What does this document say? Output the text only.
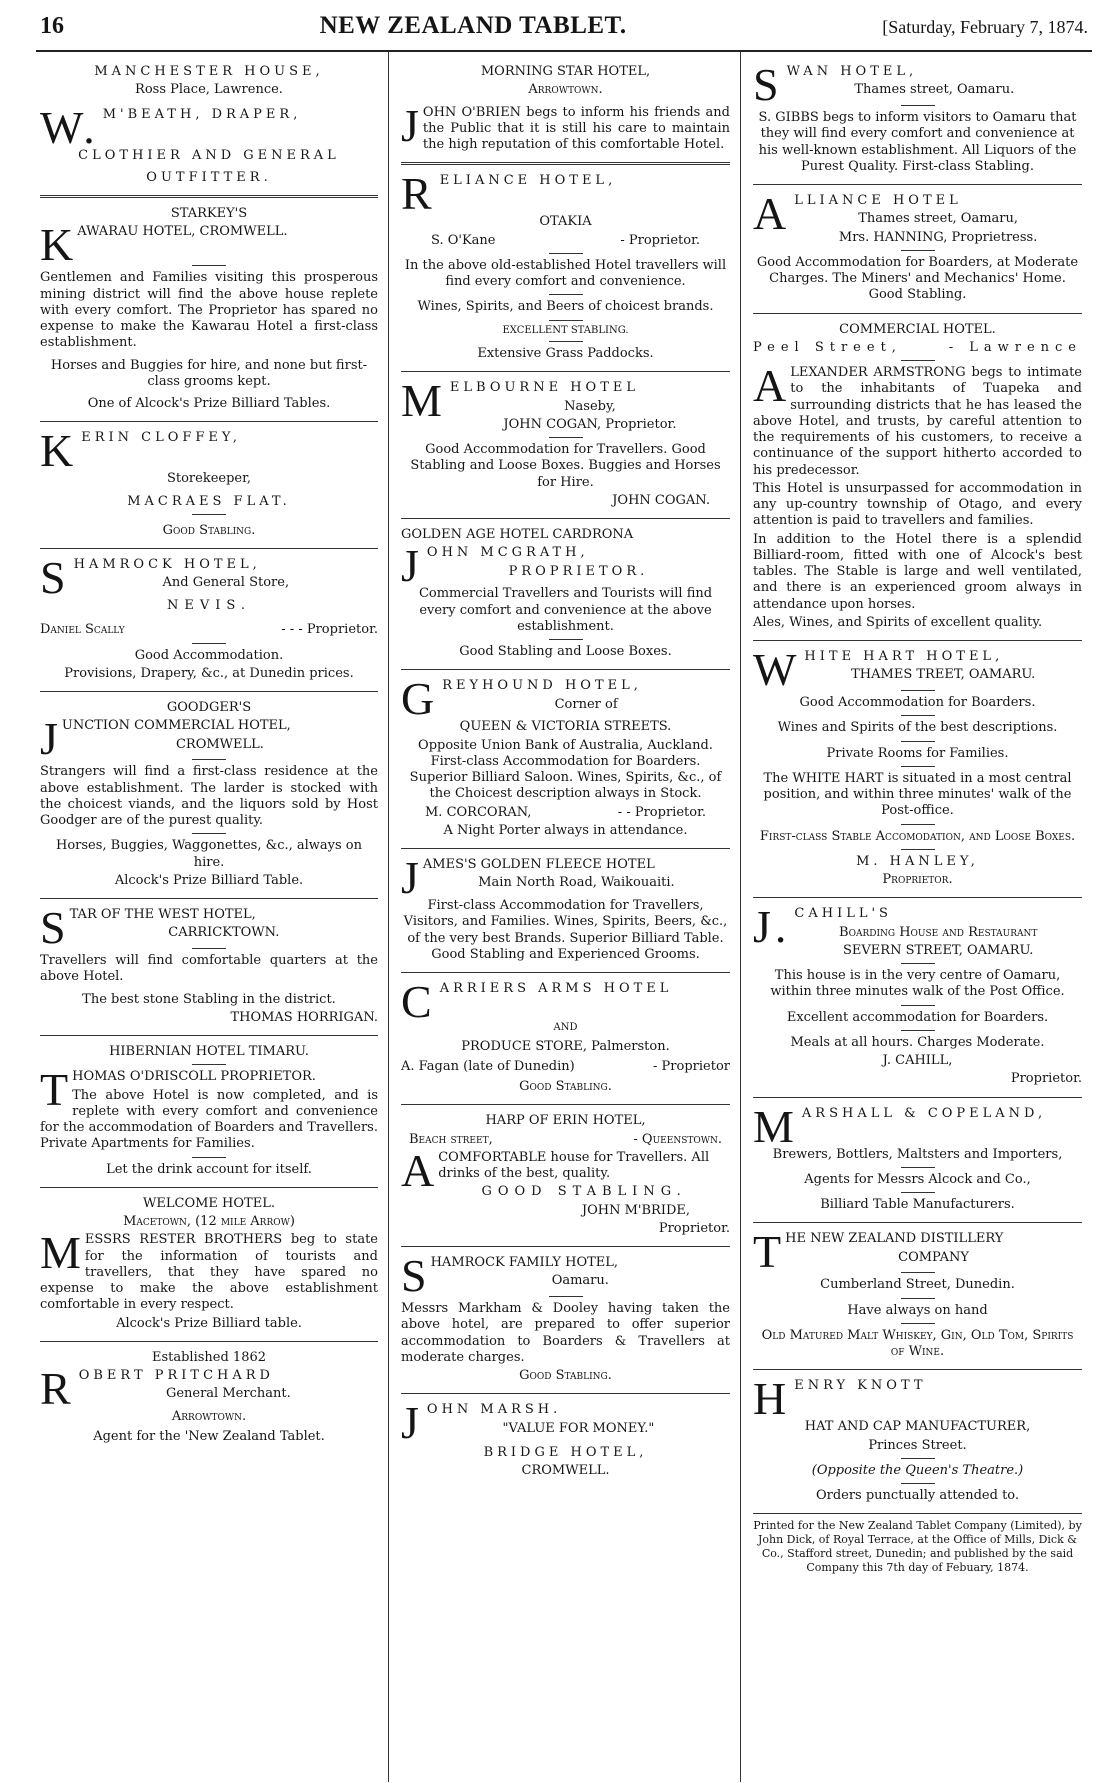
16	NEW ZEALAND TABLET.	[Saturday, February 7, 1874.

MANCHESTER HOUSE,

Ross Place, Lawrence.

W. M'BEATH, DRAPER,

CLOTHIER AND GENERAL

OUTFITTER.

STARKEY'S

KAWARAU HOTEL, CROMWELL.

Gentlemen and Families visiting this prosperous mining district will find the above house replete with every comfort. The Proprietor has spared no expense to make the Kawarau Hotel a first-class establishment.

Horses and Buggies for hire, and none but first-class grooms kept.

One of Alcock's Prize Billiard Tables.

KERIN CLOFFEY,

Storekeeper,

MACRAES FLAT.

Good Stabling.

SHAMROCK HOTEL,

And General Store,

NEVIS.

Daniel Scally	- - - Proprietor.

Good Accommodation.

Provisions, Drapery, &c., at Dunedin prices.

GOODGER'S

JUNCTION COMMERCIAL HOTEL,

CROMWELL.

Strangers will find a first-class residence at the above establishment. The larder is stocked with the choicest viands, and the liquors sold by Host Goodger are of the purest quality.

Horses, Buggies, Waggonettes, &c., always on hire.

Alcock's Prize Billiard Table.

STAR OF THE WEST HOTEL,

CARRICKTOWN.

Travellers will find comfortable quarters at the above Hotel.

The best stone Stabling in the district.

THOMAS HORRIGAN.

HIBERNIAN HOTEL TIMARU.

THOMAS O'DRISCOLL PROPRIETOR.

The above Hotel is now completed, and is replete with every comfort and convenience for the accommodation of Boarders and Travellers. Private Apartments for Families.

Let the drink account for itself.

WELCOME HOTEL.

Macetown, (12 mile Arrow)

MESSRS RESTER BROTHERS beg to state for the information of tourists and travellers, that they have spared no expense to make the above establishment comfortable in every respect.

Alcock's Prize Billiard table.

Established 1862

ROBERT PRITCHARD

General Merchant.

Arrowtown.

Agent for the 'New Zealand Tablet.

MORNING STAR HOTEL,

Arrowtown.

JOHN O'BRIEN begs to inform his friends and the Public that it is still his care to maintain the high reputation of this comfortable Hotel.

RELIANCE HOTEL,

OTAKIA

S. O'Kane	- Proprietor.

In the above old-established Hotel travellers will find every comfort and convenience.

Wines, Spirits, and Beers of choicest brands.

EXCELLENT STABLING.

Extensive Grass Paddocks.

MELBOURNE HOTEL

Naseby,

JOHN COGAN, Proprietor.

Good Accommodation for Travellers. Good Stabling and Loose Boxes. Buggies and Horses for Hire.

JOHN COGAN.

GOLDEN AGE HOTEL CARDRONA

JOHN MCGRATH,

PROPRIETOR.

Commercial Travellers and Tourists will find every comfort and convenience at the above establishment.

Good Stabling and Loose Boxes.

GREYHOUND HOTEL,

Corner of

QUEEN & VICTORIA STREETS.

Opposite Union Bank of Australia, Auckland. First-class Accommodation for Boarders. Superior Billiard Saloon. Wines, Spirits, &c., of the Choicest description always in Stock.

M. CORCORAN,	- - Proprietor.

A Night Porter always in attendance.

JAMES'S GOLDEN FLEECE HOTEL

Main North Road, Waikouaiti.

First-class Accommodation for Travellers, Visitors, and Families. Wines, Spirits, Beers, &c., of the very best Brands. Superior Billiard Table. Good Stabling and Experienced Grooms.

CARRIERS ARMS HOTEL

AND

PRODUCE STORE, Palmerston.

A. Fagan (late of Dunedin)	- Proprietor

Good Stabling.

HARP OF ERIN HOTEL,

Beach street,	- Queenstown.

ACOMFORTABLE house for Travellers. All drinks of the best, quality.

GOOD STABLING.

JOHN M'BRIDE,

Proprietor.

SHAMROCK FAMILY HOTEL,

Oamaru.

Messrs Markham & Dooley having taken the above hotel, are prepared to offer superior accommodation to Boarders & Travellers at moderate charges.

Good Stabling.

JOHN MARSH.

"VALUE FOR MONEY."

BRIDGE HOTEL,

CROMWELL.

SWAN HOTEL,

Thames street, Oamaru.

S. GIBBS begs to inform visitors to Oamaru that they will find every comfort and convenience at his well-known establishment. All Liquors of the Purest Quality. First-class Stabling.

ALLIANCE HOTEL

Thames street, Oamaru,

Mrs. HANNING, Proprietress.

Good Accommodation for Boarders, at Moderate Charges. The Miners' and Mechanics' Home. Good Stabling.

COMMERCIAL HOTEL.

Peel Street,	- Lawrence

ALEXANDER ARMSTRONG begs to intimate to the inhabitants of Tuapeka and surrounding districts that he has leased the above Hotel, and trusts, by careful attention to the requirements of his customers, to receive a continuance of the support hitherto accorded to his predecessor.

This Hotel is unsurpassed for accommodation in any up-country township of Otago, and every attention is paid to travellers and families.

In addition to the Hotel there is a splendid Billiard-room, fitted with one of Alcock's best tables. The Stable is large and well ventilated, and there is an experienced groom always in attendance upon horses.

Ales, Wines, and Spirits of excellent quality.

WHITE HART HOTEL,

THAMES TREET, OAMARU.

Good Accommodation for Boarders.

Wines and Spirits of the best descriptions.

Private Rooms for Families.

The WHITE HART is situated in a most central position, and within three minutes' walk of the Post-office.

First-class Stable Accomodation, and Loose Boxes.

M. HANLEY,

Proprietor.

J. CAHILL'S

Boarding House and Restaurant

SEVERN STREET, OAMARU.

This house is in the very centre of Oamaru, within three minutes walk of the Post Office.

Excellent accommodation for Boarders.

Meals at all hours. Charges Moderate.

J. CAHILL,

Proprietor.

MARSHALL & COPELAND,

Brewers, Bottlers, Maltsters and Importers,

Agents for Messrs Alcock and Co.,

Billiard Table Manufacturers.

THE NEW ZEALAND DISTILLERY

COMPANY

Cumberland Street, Dunedin.

Have always on hand

Old Matured Malt Whiskey, Gin, Old Tom, Spirits of Wine.

HENRY KNOTT

HAT AND CAP MANUFACTURER,

Princes Street.

(Opposite the Queen's Theatre.)

Orders punctually attended to.

Printed for the New Zealand Tablet Company (Limited), by John Dick, of Royal Terrace, at the Office of Mills, Dick & Co., Stafford street, Dunedin; and published by the said Company this 7th day of Febuary, 1874.
